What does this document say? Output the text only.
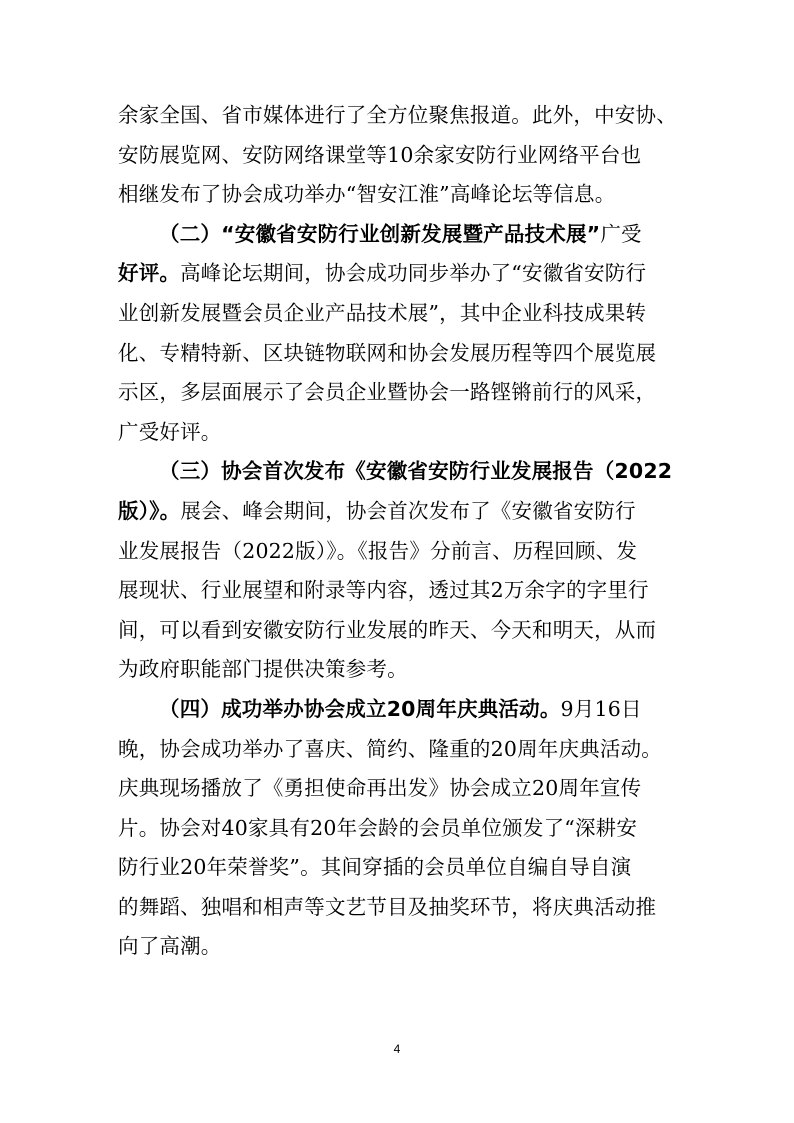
余家全国、省市媒体进行了全方位聚焦报道。此外，中安协、
安防展览网、安防网络课堂等10余家安防行业网络平台也
相继发布了协会成功举办“智安江淮”高峰论坛等信息。
（二）“安徽省安防行业创新发展暨产品技术展”广受
好评。高峰论坛期间，协会成功同步举办了“安徽省安防行
业创新发展暨会员企业产品技术展”，其中企业科技成果转
化、专精特新、区块链物联网和协会发展历程等四个展览展
示区，多层面展示了会员企业暨协会一路铿锵前行的风采，
广受好评。
（三）协会首次发布《安徽省安防行业发展报告（2022
版）》。展会、峰会期间，协会首次发布了《安徽省安防行
业发展报告（2022版）》。《报告》分前言、历程回顾、发
展现状、行业展望和附录等内容，透过其2万余字的字里行
间，可以看到安徽安防行业发展的昨天、今天和明天，从而
为政府职能部门提供决策参考。
（四）成功举办协会成立20周年庆典活动。9月16日
晚，协会成功举办了喜庆、简约、隆重的20周年庆典活动。
庆典现场播放了《勇担使命再出发》协会成立20周年宣传
片。协会对40家具有20年会龄的会员单位颁发了“深耕安
防行业20年荣誉奖”。其间穿插的会员单位自编自导自演
的舞蹈、独唱和相声等文艺节目及抽奖环节，将庆典活动推
向了高潮。
4
